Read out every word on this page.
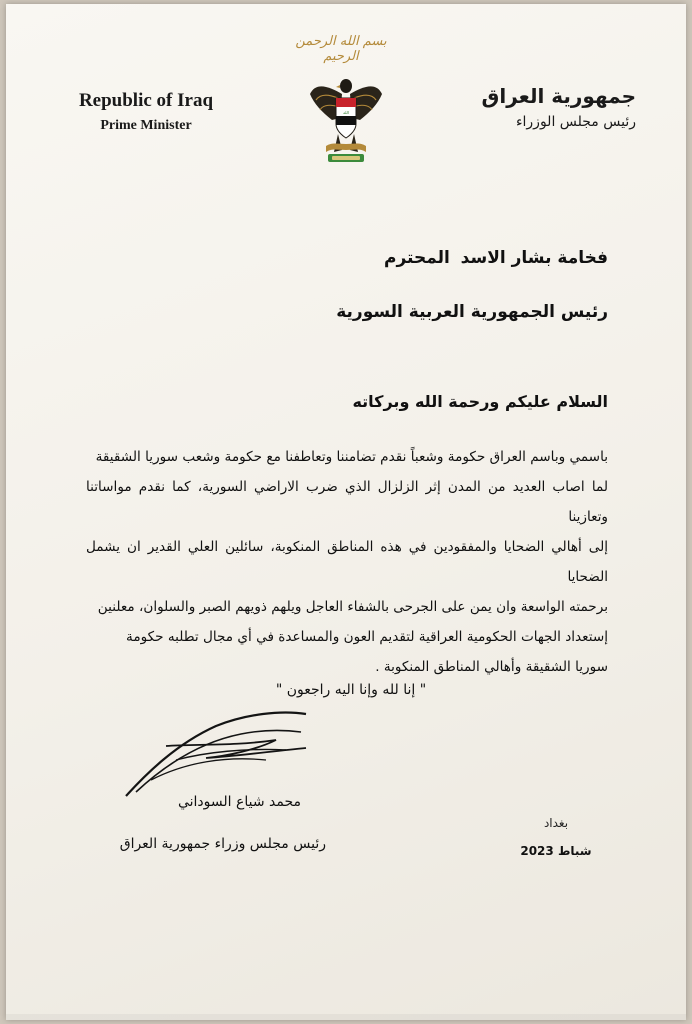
بسم الله الرحمن الرحيم
Republic of Iraq
Prime Minister
الله
جمهورية العراق
رئيس مجلس الوزراء
فخامة بشار الاسد
المحترم
رئيس الجمهورية العربية السورية
السلام عليكم ورحمة الله وبركاته
باسمي وباسم العراق حكومة وشعباً نقدم تضامننا وتعاطفنا مع حكومة وشعب سوريا الشقيقة
لما اصاب العديد من المدن إثر الزلزال الذي ضرب الاراضي السورية، كما نقدم مواساتنا وتعازينا
إلى أهالي الضحايا والمفقودين في هذه المناطق المنكوبة، سائلين العلي القدير ان يشمل الضحايا
برحمته الواسعة وان يمن على الجرحى بالشفاء العاجل ويلهم ذويهم الصبر والسلوان، معلنين
إستعداد الجهات الحكومية العراقية لتقديم العون والمساعدة في أي مجال تطلبه حكومة
سوريا الشقيقة وأهالي المناطق المنكوبة .
" إنا لله وإنا اليه راجعون "
محمد شياع السوداني
رئيس مجلس وزراء جمهورية العراق
بغداد
شباط 2023
